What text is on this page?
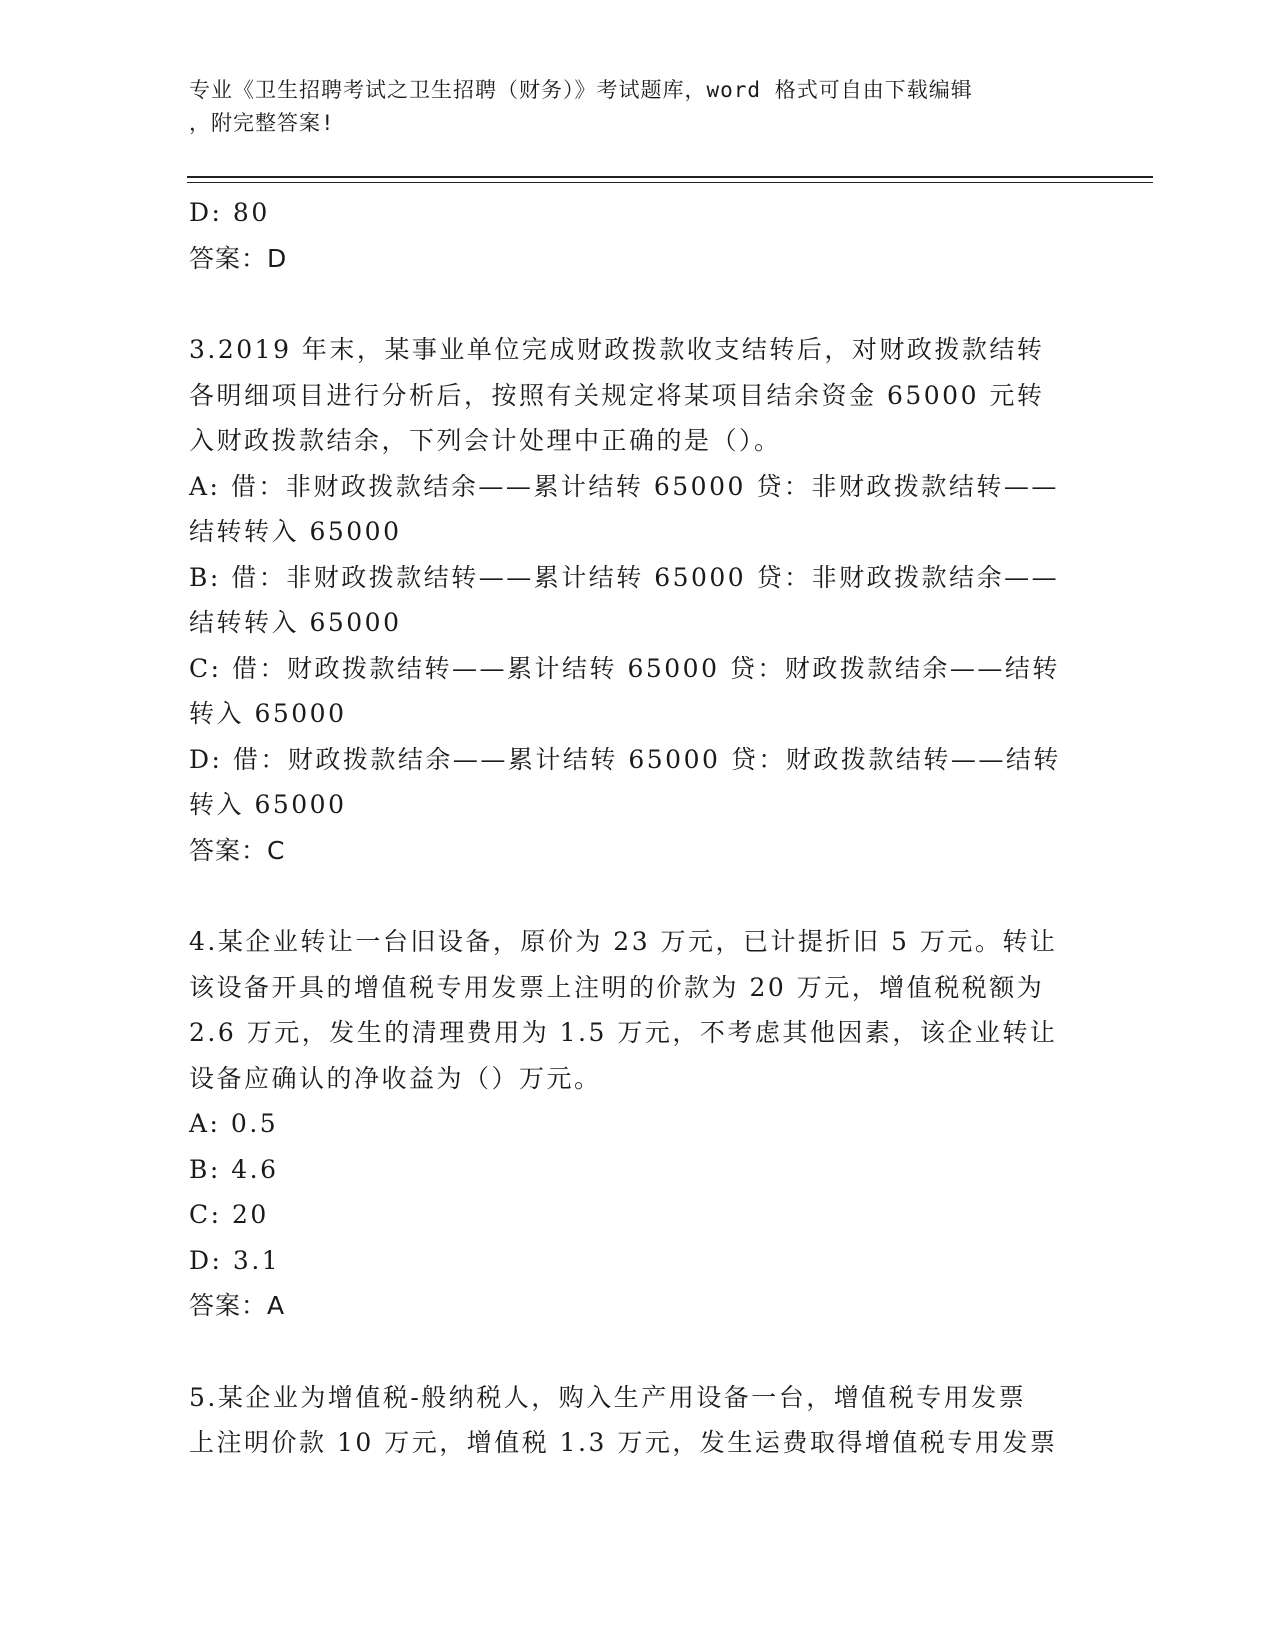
专业《卫生招聘考试之卫生招聘（财务）》考试题库，word 格式可自由下载编辑
，附完整答案!
D: 80
答案：D
3.2019 年末，某事业单位完成财政拨款收支结转后，对财政拨款结转
各明细项目进行分析后，按照有关规定将某项目结余资金 65000 元转
入财政拨款结余，下列会计处理中正确的是（）。
A: 借：非财政拨款结余——累计结转 65000 贷：非财政拨款结转——
结转转入 65000
B: 借：非财政拨款结转——累计结转 65000 贷：非财政拨款结余——
结转转入 65000
C: 借：财政拨款结转——累计结转 65000 贷：财政拨款结余——结转
转入 65000
D: 借：财政拨款结余——累计结转 65000 贷：财政拨款结转——结转
转入 65000
答案：C
4.某企业转让一台旧设备，原价为 23 万元，已计提折旧 5 万元。转让
该设备开具的增值税专用发票上注明的价款为 20 万元，增值税税额为
2.6 万元，发生的清理费用为 1.5 万元，不考虑其他因素，该企业转让
设备应确认的净收益为（）万元。
A: 0.5
B: 4.6
C: 20
D: 3.1
答案：A
5.某企业为增值税-般纳税人，购入生产用设备一台，增值税专用发票
上注明价款 10 万元，增值税 1.3 万元，发生运费取得增值税专用发票
